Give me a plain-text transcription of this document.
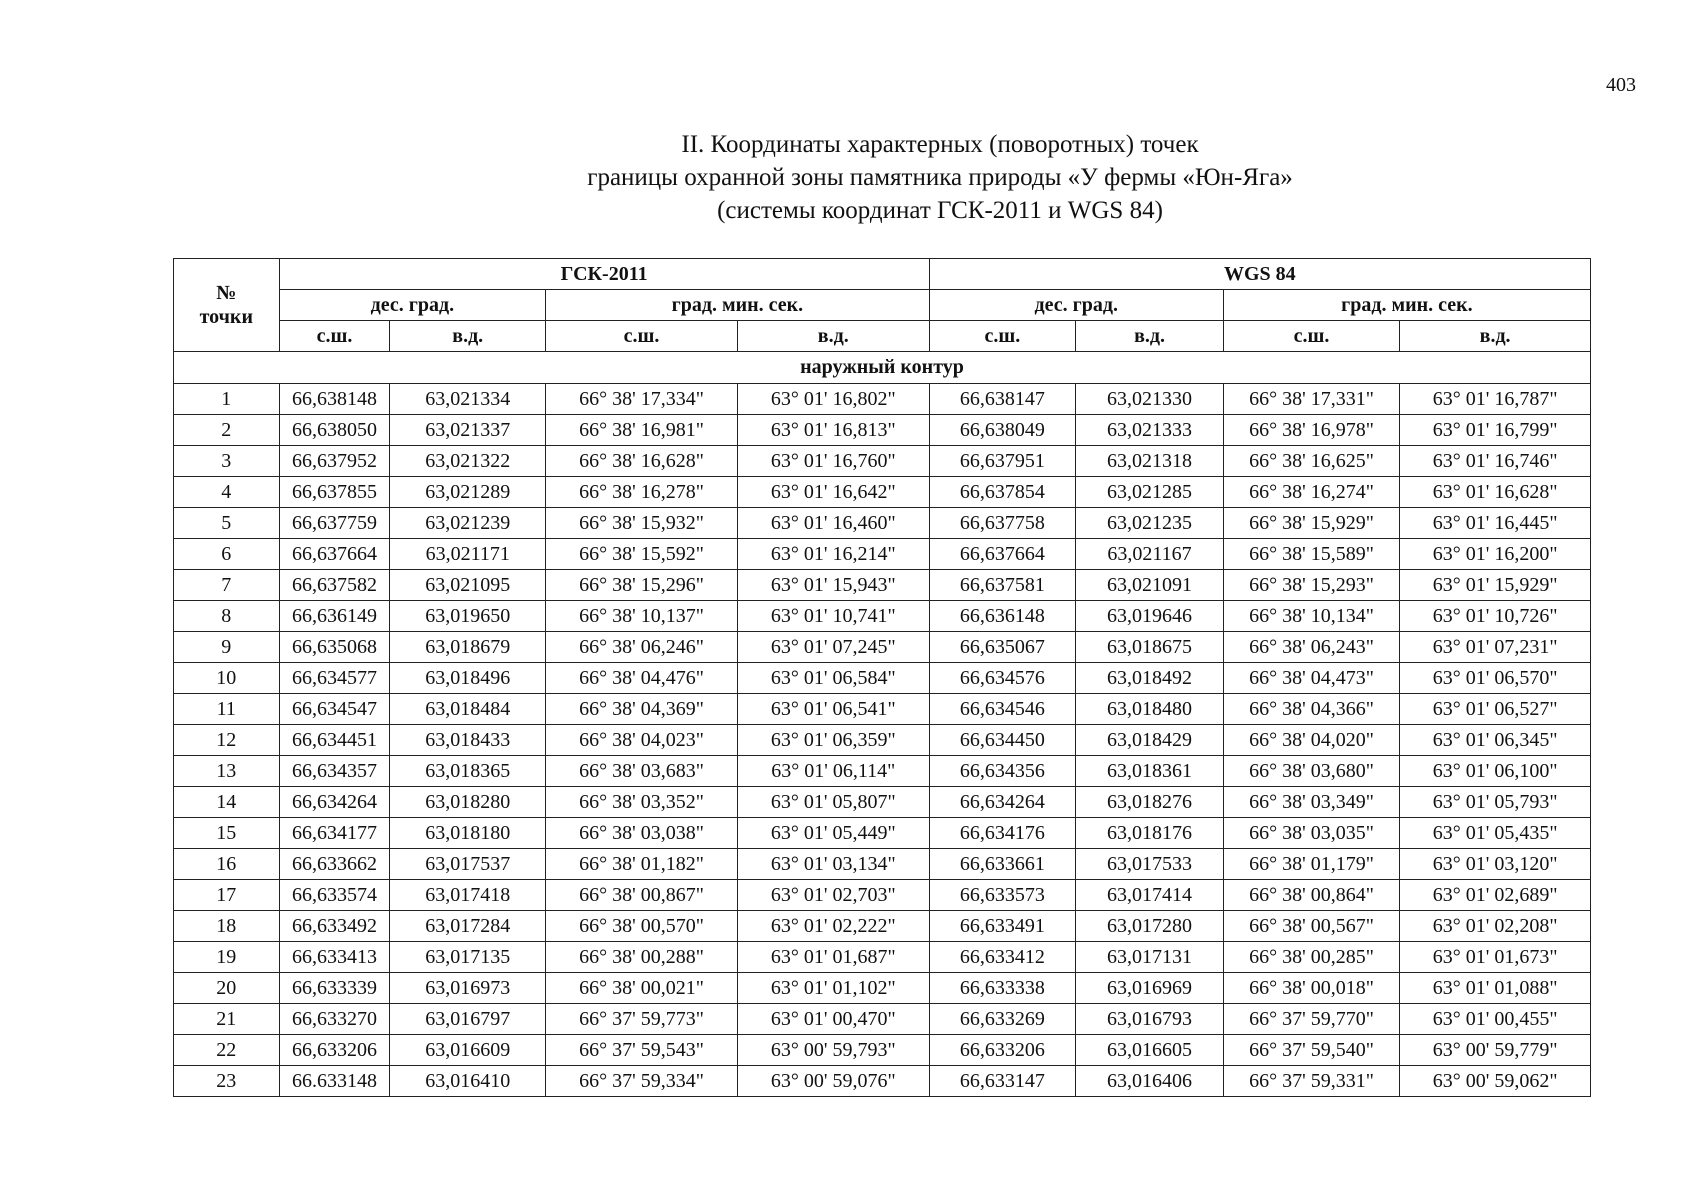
403
II. Координаты характерных (поворотных) точек
границы охранной зоны памятника природы «У фермы «Юн-Яга»
(системы координат ГСК-2011 и WGS 84)
№
точки	ГСК-2011				WGS 84			
	дес. град.		град. мин. сек.		дес. град.		град. мин. сек.	
	с.ш.	в.д.	с.ш.	в.д.	с.ш.	в.д.	с.ш.	в.д.
наружный контур								
1	66,638148	63,021334	66° 38' 17,334"	63° 01' 16,802"	66,638147	63,021330	66° 38' 17,331"	63° 01' 16,787"
2	66,638050	63,021337	66° 38' 16,981"	63° 01' 16,813"	66,638049	63,021333	66° 38' 16,978"	63° 01' 16,799"
3	66,637952	63,021322	66° 38' 16,628"	63° 01' 16,760"	66,637951	63,021318	66° 38' 16,625"	63° 01' 16,746"
4	66,637855	63,021289	66° 38' 16,278"	63° 01' 16,642"	66,637854	63,021285	66° 38' 16,274"	63° 01' 16,628"
5	66,637759	63,021239	66° 38' 15,932"	63° 01' 16,460"	66,637758	63,021235	66° 38' 15,929"	63° 01' 16,445"
6	66,637664	63,021171	66° 38' 15,592"	63° 01' 16,214"	66,637664	63,021167	66° 38' 15,589"	63° 01' 16,200"
7	66,637582	63,021095	66° 38' 15,296"	63° 01' 15,943"	66,637581	63,021091	66° 38' 15,293"	63° 01' 15,929"
8	66,636149	63,019650	66° 38' 10,137"	63° 01' 10,741"	66,636148	63,019646	66° 38' 10,134"	63° 01' 10,726"
9	66,635068	63,018679	66° 38' 06,246"	63° 01' 07,245"	66,635067	63,018675	66° 38' 06,243"	63° 01' 07,231"
10	66,634577	63,018496	66° 38' 04,476"	63° 01' 06,584"	66,634576	63,018492	66° 38' 04,473"	63° 01' 06,570"
11	66,634547	63,018484	66° 38' 04,369"	63° 01' 06,541"	66,634546	63,018480	66° 38' 04,366"	63° 01' 06,527"
12	66,634451	63,018433	66° 38' 04,023"	63° 01' 06,359"	66,634450	63,018429	66° 38' 04,020"	63° 01' 06,345"
13	66,634357	63,018365	66° 38' 03,683"	63° 01' 06,114"	66,634356	63,018361	66° 38' 03,680"	63° 01' 06,100"
14	66,634264	63,018280	66° 38' 03,352"	63° 01' 05,807"	66,634264	63,018276	66° 38' 03,349"	63° 01' 05,793"
15	66,634177	63,018180	66° 38' 03,038"	63° 01' 05,449"	66,634176	63,018176	66° 38' 03,035"	63° 01' 05,435"
16	66,633662	63,017537	66° 38' 01,182"	63° 01' 03,134"	66,633661	63,017533	66° 38' 01,179"	63° 01' 03,120"
17	66,633574	63,017418	66° 38' 00,867"	63° 01' 02,703"	66,633573	63,017414	66° 38' 00,864"	63° 01' 02,689"
18	66,633492	63,017284	66° 38' 00,570"	63° 01' 02,222"	66,633491	63,017280	66° 38' 00,567"	63° 01' 02,208"
19	66,633413	63,017135	66° 38' 00,288"	63° 01' 01,687"	66,633412	63,017131	66° 38' 00,285"	63° 01' 01,673"
20	66,633339	63,016973	66° 38' 00,021"	63° 01' 01,102"	66,633338	63,016969	66° 38' 00,018"	63° 01' 01,088"
21	66,633270	63,016797	66° 37' 59,773"	63° 01' 00,470"	66,633269	63,016793	66° 37' 59,770"	63° 01' 00,455"
22	66,633206	63,016609	66° 37' 59,543"	63° 00' 59,793"	66,633206	63,016605	66° 37' 59,540"	63° 00' 59,779"
23	66.633148	63,016410	66° 37' 59,334"	63° 00' 59,076"	66,633147	63,016406	66° 37' 59,331"	63° 00' 59,062"
